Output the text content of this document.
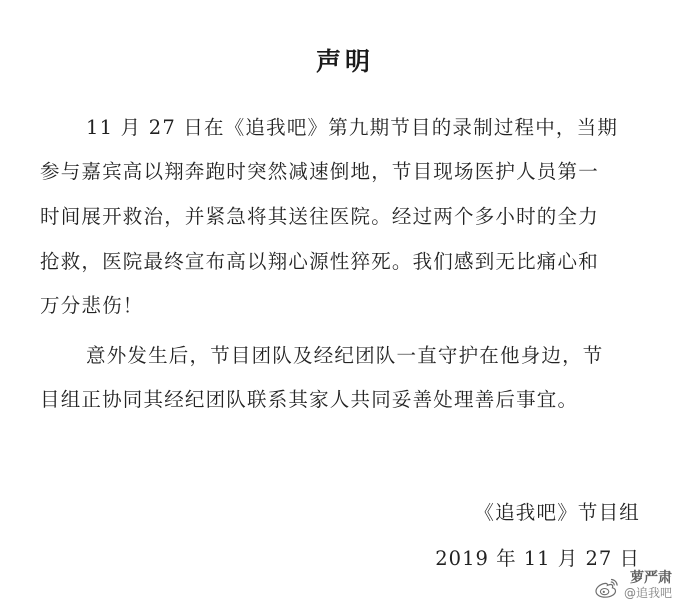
声明
11 月 27 日在《追我吧》第九期节目的录制过程中，当期
参与嘉宾高以翔奔跑时突然减速倒地，节目现场医护人员第一
时间展开救治，并紧急将其送往医院。经过两个多小时的全力
抢救，医院最终宣布高以翔心源性猝死。我们感到无比痛心和
万分悲伤！
意外发生后，节目团队及经纪团队一直守护在他身边，节
目组正协同其经纪团队联系其家人共同妥善处理善后事宜。
《追我吧》节目组
2019 年 11 月 27 日
萝严肃
@追我吧
